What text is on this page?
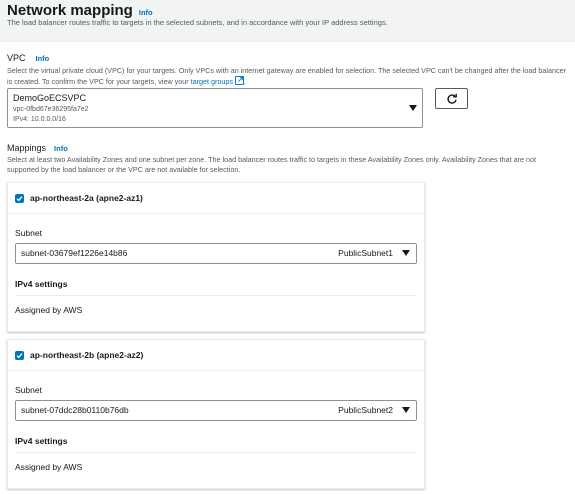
Network mapping Info
The load balancer routes traffic to targets in the selected subnets, and in accordance with your IP address settings.
VPC Info
Select the virtual private cloud (VPC) for your targets. Only VPCs with an internet gateway are enabled for selection. The selected VPC can't be changed after the load balancer is created. To confirm the VPC for your targets, view your target groups .
DemoGoECSVPC
vpc-0fbd67e36295fa7e2
IPv4: 10.0.0.0/16
Mappings Info
Select at least two Availability Zones and one subnet per zone. The load balancer routes traffic to targets in these Availability Zones only. Availability Zones that are not supported by the load balancer or the VPC are not available for selection.
ap-northeast-2a (apne2-az1)
Subnet
subnet-03679ef1226e14b86	PublicSubnet1
IPv4 settings
Assigned by AWS
ap-northeast-2b (apne2-az2)
Subnet
subnet-07ddc28b0110b76db	PublicSubnet2
IPv4 settings
Assigned by AWS
